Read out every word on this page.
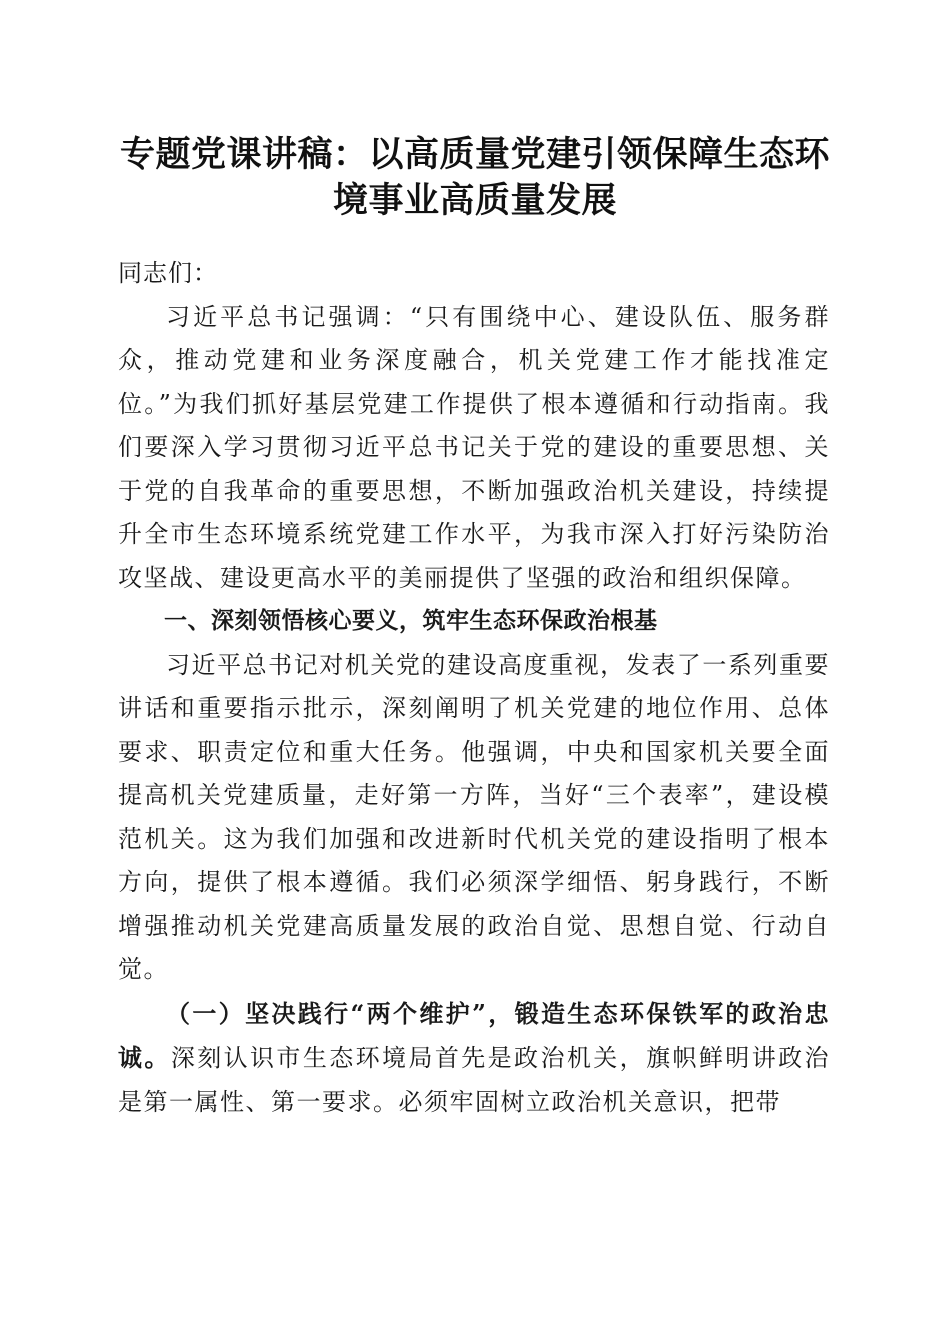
专题党课讲稿：以高质量党建引领保障生态环境事业高质量发展

同志们：

习近平总书记强调：“只有围绕中心、建设队伍、服务群众，推动党建和业务深度融合，机关党建工作才能找准定位。”为我们抓好基层党建工作提供了根本遵循和行动指南。我们要深入学习贯彻习近平总书记关于党的建设的重要思想、关于党的自我革命的重要思想，不断加强政治机关建设，持续提升全市生态环境系统党建工作水平，为我市深入打好污染防治攻坚战、建设更高水平的美丽提供了坚强的政治和组织保障。

一、深刻领悟核心要义，筑牢生态环保政治根基

习近平总书记对机关党的建设高度重视，发表了一系列重要讲话和重要指示批示，深刻阐明了机关党建的地位作用、总体要求、职责定位和重大任务。他强调，中央和国家机关要全面提高机关党建质量，走好第一方阵，当好“三个表率”，建设模范机关。这为我们加强和改进新时代机关党的建设指明了根本方向，提供了根本遵循。我们必须深学细悟、躬身践行，不断增强推动机关党建高质量发展的政治自觉、思想自觉、行动自觉。

（一）坚决践行“两个维护”，锻造生态环保铁军的政治忠诚。深刻认识市生态环境局首先是政治机关，旗帜鲜明讲政治是第一属性、第一要求。必须牢固树立政治机关意识，把带
